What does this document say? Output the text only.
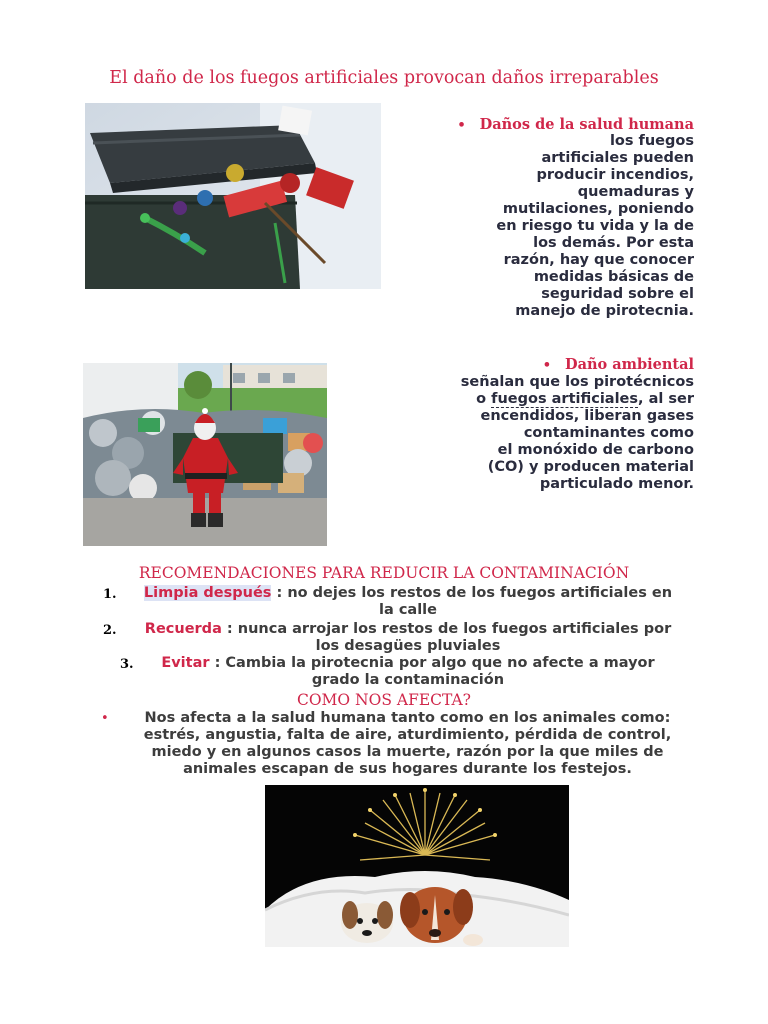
El daño de los fuegos artificiales provocan daños irreparables
• Daños de la salud humana
los fuegos
artificiales pueden
producir incendios,
quemaduras y
mutilaciones, poniendo
en riesgo tu vida y la de
los demás. Por esta
razón, hay que conocer
medidas básicas de
seguridad sobre el
manejo de pirotecnia.
• Daño ambiental
señalan que los pirotécnicos
o fuegos artificiales, al ser
encendidos, liberan gases
contaminantes como
el monóxido de carbono
(CO) y producen material
particulado menor.
RECOMENDACIONES PARA REDUCIR LA CONTAMINACIÓN
1.	Limpia después : no dejes los restos de los fuegos artificiales en
la calle
2.	Recuerda : nunca arrojar los restos de los fuegos artificiales por
los desagües pluviales
3.	Evitar : Cambia la pirotecnia por algo que no afecte a mayor
grado la contaminación
COMO NOS AFECTA?
•	Nos afecta a la salud humana tanto como en los animales como: estrés, angustia, falta de aire, aturdimiento, pérdida de control, miedo y en algunos casos la muerte, razón por la que miles de animales escapan de sus hogares durante los festejos.
